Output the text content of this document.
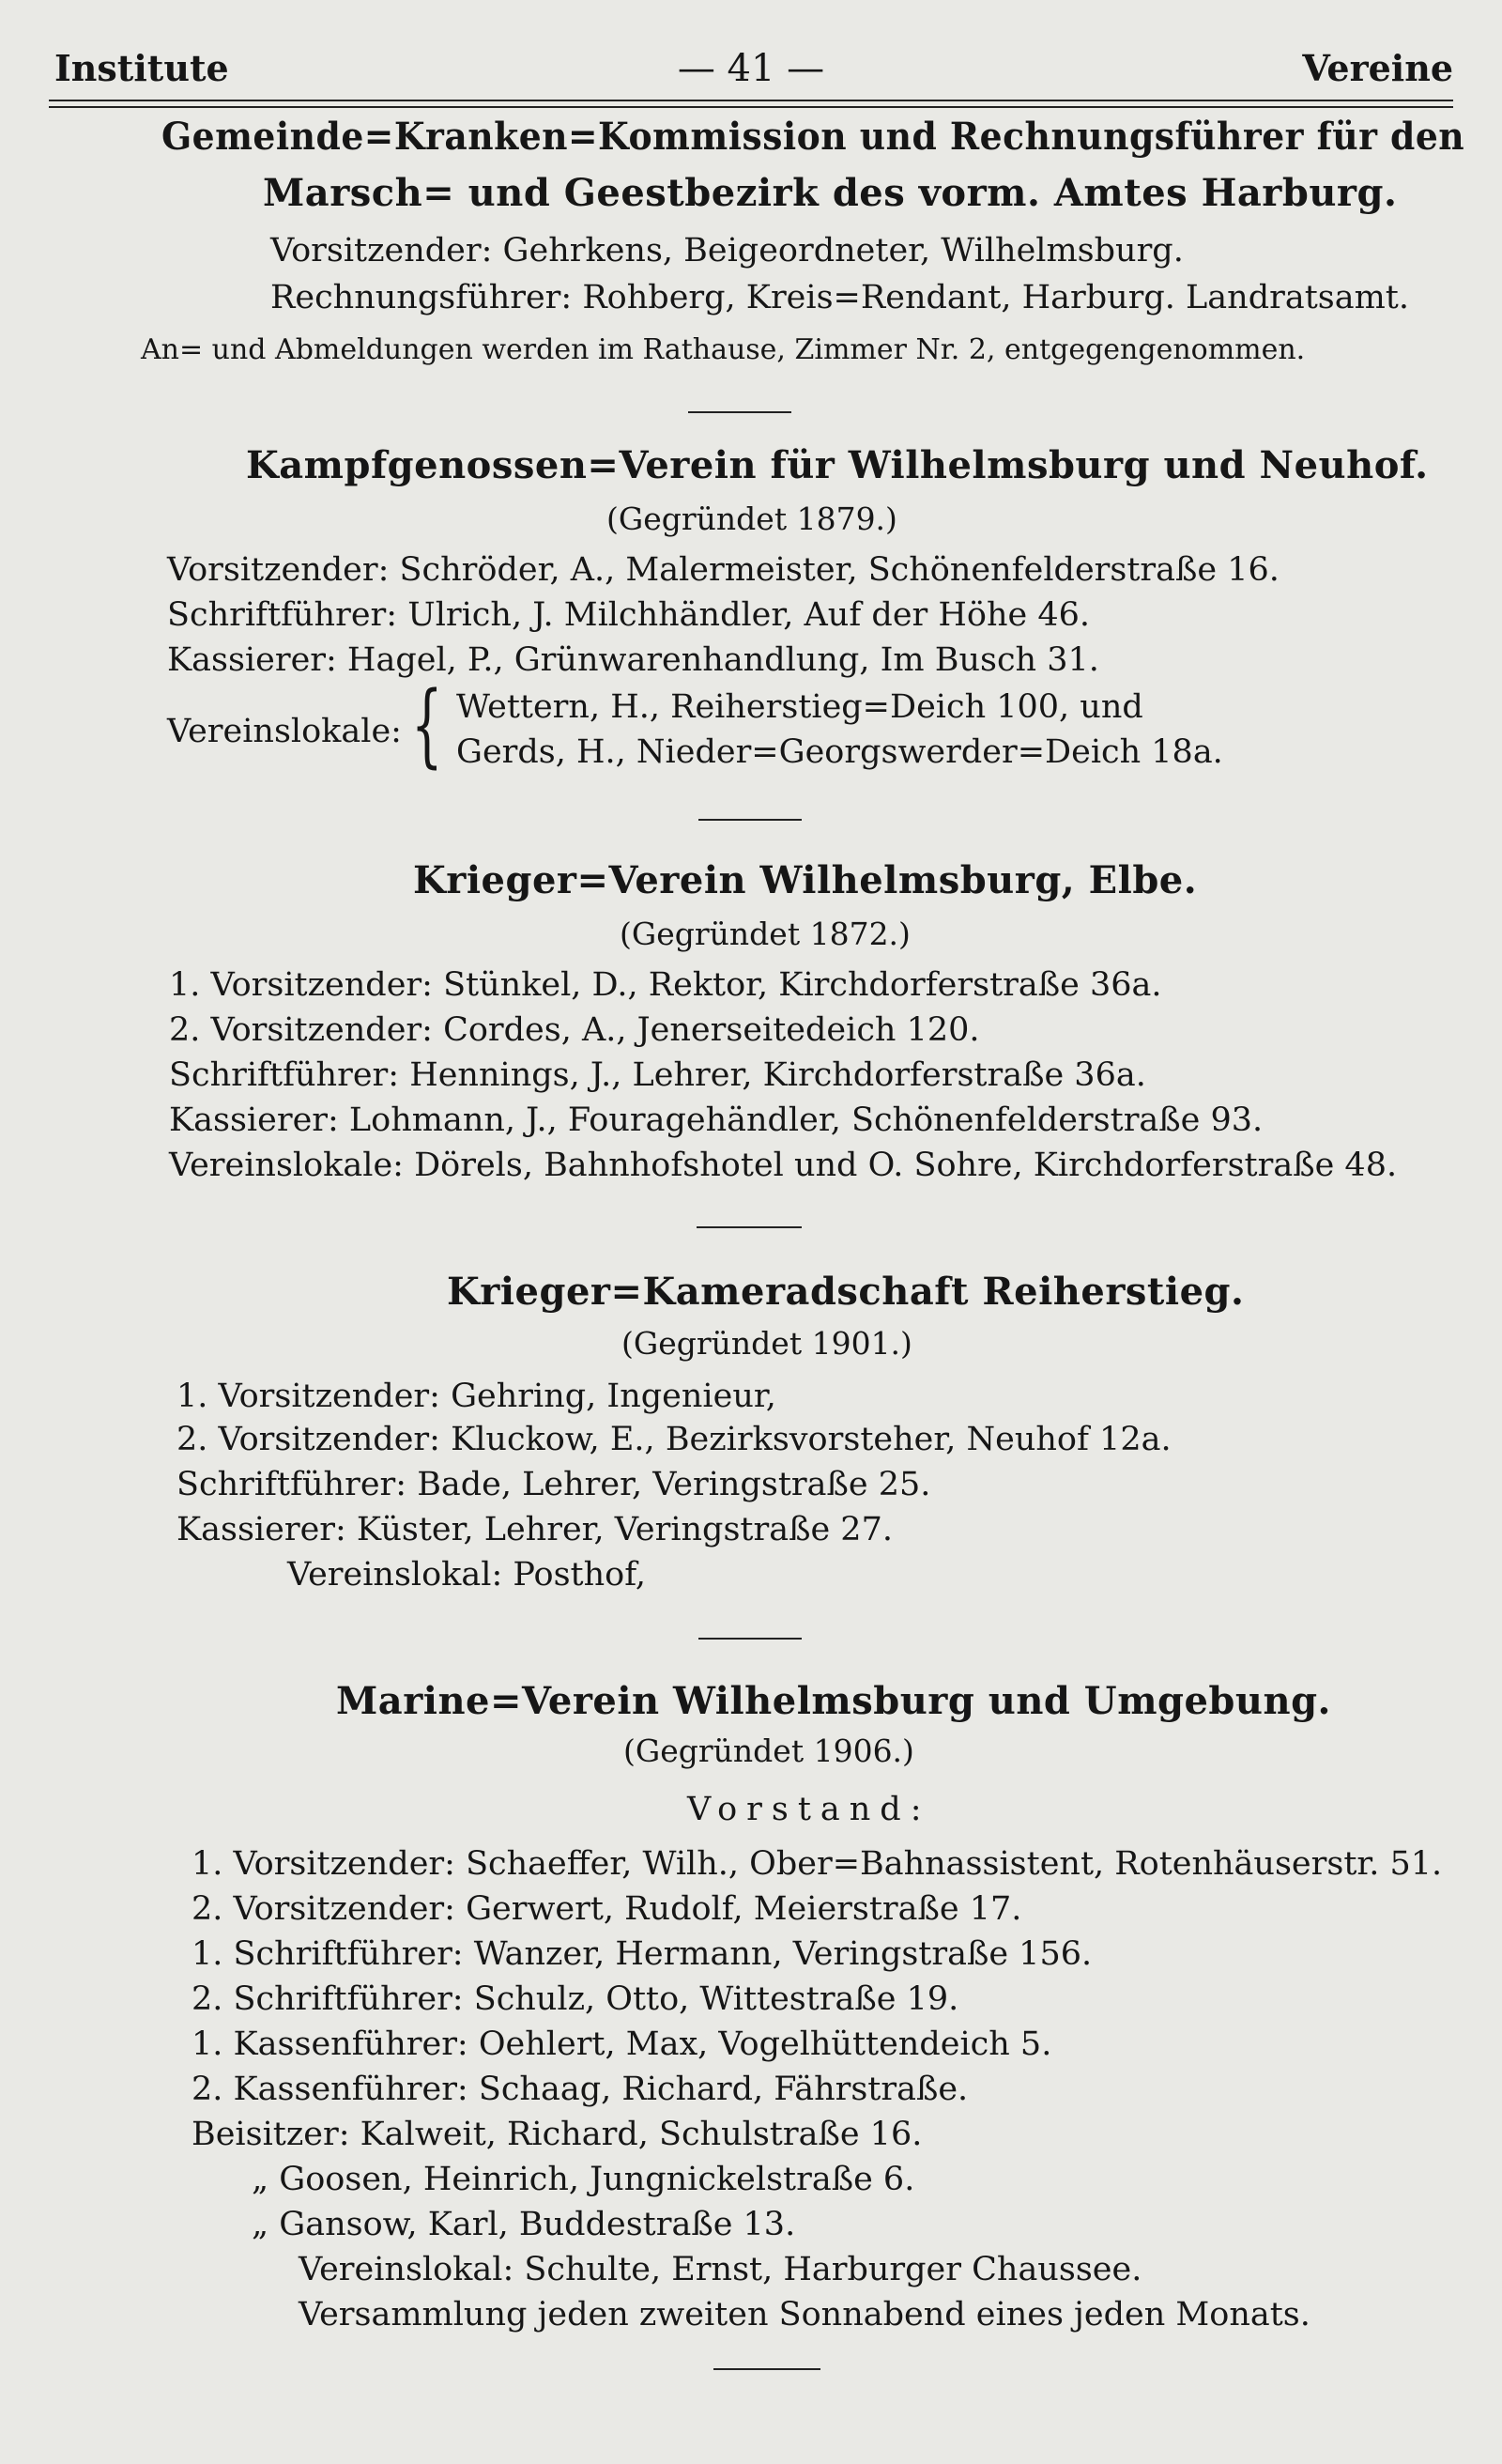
Institute	— 41 —	Vereine
Gemeinde=Kranken=Kommission und Rechnungsführer für den
Marsch= und Geestbezirk des vorm. Amtes Harburg.
Vorsitzender: Gehrkens, Beigeordneter, Wilhelmsburg.
Rechnungsführer: Rohberg, Kreis=Rendant, Harburg. Landratsamt.
An= und Abmeldungen werden im Rathause, Zimmer Nr. 2, entgegengenommen.
Kampfgenossen=Verein für Wilhelmsburg und Neuhof.
(Gegründet 1879.)
Vorsitzender: Schröder, A., Malermeister, Schönenfelderstraße 16.
Schriftführer: Ulrich, J. Milchhändler, Auf der Höhe 46.
Kassierer: Hagel, P., Grünwarenhandlung, Im Busch 31.
Vereinslokale: { Wettern, H., Reiherstieg=Deich 100, und
Gerds, H., Nieder=Georgswerder=Deich 18a.
Krieger=Verein Wilhelmsburg, Elbe.
(Gegründet 1872.)
1. Vorsitzender: Stünkel, D., Rektor, Kirchdorferstraße 36a.
2. Vorsitzender: Cordes, A., Jenerseitedeich 120.
Schriftführer: Hennings, J., Lehrer, Kirchdorferstraße 36a.
Kassierer: Lohmann, J., Fouragehändler, Schönenfelderstraße 93.
Vereinslokale: Dörels, Bahnhofshotel und O. Sohre, Kirchdorferstraße 48.
Krieger=Kameradschaft Reiherstieg.
(Gegründet 1901.)
1. Vorsitzender: Gehring, Ingenieur,
2. Vorsitzender: Kluckow, E., Bezirksvorsteher, Neuhof 12a.
Schriftführer: Bade, Lehrer, Veringstraße 25.
Kassierer: Küster, Lehrer, Veringstraße 27.
Vereinslokal: Posthof,
Marine=Verein Wilhelmsburg und Umgebung.
(Gegründet 1906.)
Vorstand:
1. Vorsitzender: Schaeffer, Wilh., Ober=Bahnassistent, Rotenhäuserstr. 51.
2. Vorsitzender: Gerwert, Rudolf, Meierstraße 17.
1. Schriftführer: Wanzer, Hermann, Veringstraße 156.
2. Schriftführer: Schulz, Otto, Wittestraße 19.
1. Kassenführer: Oehlert, Max, Vogelhüttendeich 5.
2. Kassenführer: Schaag, Richard, Fährstraße.
Beisitzer: Kalweit, Richard, Schulstraße 16.
„ Goosen, Heinrich, Jungnickelstraße 6.
„ Gansow, Karl, Buddestraße 13.
Vereinslokal: Schulte, Ernst, Harburger Chaussee.
Versammlung jeden zweiten Sonnabend eines jeden Monats.
